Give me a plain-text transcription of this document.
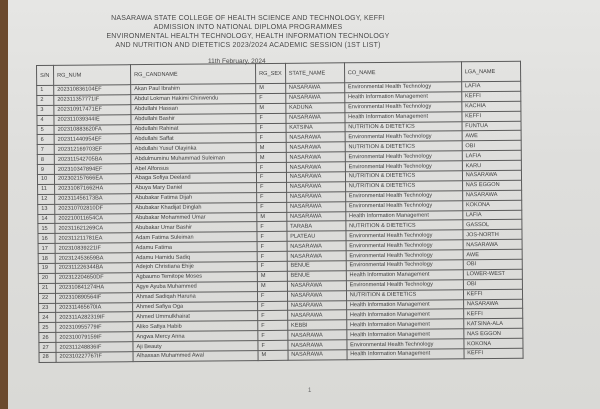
NASARAWA STATE COLLEGE OF HEALTH SCIENCE AND TECHNOLOGY, KEFFI
ADMISSION INTO NATIONAL DIPLOMA PROGRAMMES
ENVIRONMENTAL HEALTH TECHNOLOGY, HEALTH INFORMATION TECHNOLOGY
AND NUTRITION AND DIETETICS 2023/2024 ACADEMIC SESSION (1ST LIST)
11th February, 2024
S/N	RG_NUM	RG_CANDNAME	RG_SEX	STATE_NAME	CO_NAME	LGA_NAME
1	202310836104EF	Akan Paul Ibrahim	M	NASARAWA	Environmental Health Technology	LAFIA
2	202311357771IF	Abdul Lokman Hakimi Chinwendu	F	NASARAWA	Health Information Management	KEFFI
3	202310917471EF	Abdullahi Hassan	M	KADUNA	Environmental Health Technology	KACHIA
4	202311039344IE	Abdullahi Bashir	F	NASARAWA	Health Information Management	KEFFI
5	202310883620FA	Abdullahi Rahinat	F	KATSINA	NUTRITION & DIETETICS	FUNTUA
6	202311440954EF	Abdullahi Saffat	F	NASARAWA	Environmental Health Technology	AWE
7	202312169703EF	Abdullahi Yusuf Olayinka	M	NASARAWA	NUTRITION & DIETETICS	OBI
8	202311542705BA	Abdulmuminu Muhammad Suleiman	M	NASARAWA	Environmental Health Technology	LAFIA
9	202310347894EF	Abel Alfonsus	F	NASARAWA	Environmental Health Technology	KARU
10	202302157666EA	Abaga Sofiya Deeland	F	NASARAWA	NUTRITION & DIETETICS	NASARAWA
11	202310871662HA	Abuya Mary Daniel	F	NASARAWA	NUTRITION & DIETETICS	NAS EGGON
12	202311456173BA	Abubakar Fatima Dijah	F	NASARAWA	Environmental Health Technology	NASARAWA
13	202310702810DF	Abubakar Khadijat Dinglah	F	NASARAWA	Environmental Health Technology	KOKONA
14	202210011654CA	Abubakar Mohammed Umar	M	NASARAWA	Health Information Management	LAFIA
15	202311621269CA	Abubakar Umar Bashir	F	TARABA	NUTRITION & DIETETICS	GASSOL
16	202311211781EA	Adam Fatima Suleiman	F	PLATEAU	Environmental Health Technology	JOS-NORTH
17	202310839221IF	Adamu Fatima	F	NASARAWA	Environmental Health Technology	NASARAWA
18	202312453659BA	Adamu Hamidu Sadiq	F	NASARAWA	Environmental Health Technology	AWE
19	202311226344BA	Adejoh Christiana Ehije	F	BENUE	Environmental Health Technology	OBI
20	202312204650DF	Agbaumo Temitope Moses	M	BENUE	Health Information Management	LOWER-WEST
21	202310841274HA	Agye Ayuba Muhammed	M	NASARAWA	Environmental Health Technology	OBI
22	202310890564IF	Ahmad Sadiqah Haruna	F	NASARAWA	NUTRITION & DIETETICS	KEFFI
23	202311465670IA	Ahmed Safiya Oga	F	NASARAWA	Health Information Management	NASARAWA
24	202311A282319IF	Ahmed Ummulkhairat	F	NASARAWA	Health Information Management	KEFFI
25	202310955779IF	Aliko Safiya Habib	F	KEBBI	Health Information Management	KATSINA-ALA
26	202310079159IF	Angwa Mercy Anna	F	NASARAWA	Health Information Management	NAS EGGON
27	202311248836IF	Aji Beauty	F	NASARAWA	Environmental Health Technology	KOKONA
28	202310227767IF	Alhassan Muhammed Awal	M	NASARAWA	Health Information Management	KEFFI
1
